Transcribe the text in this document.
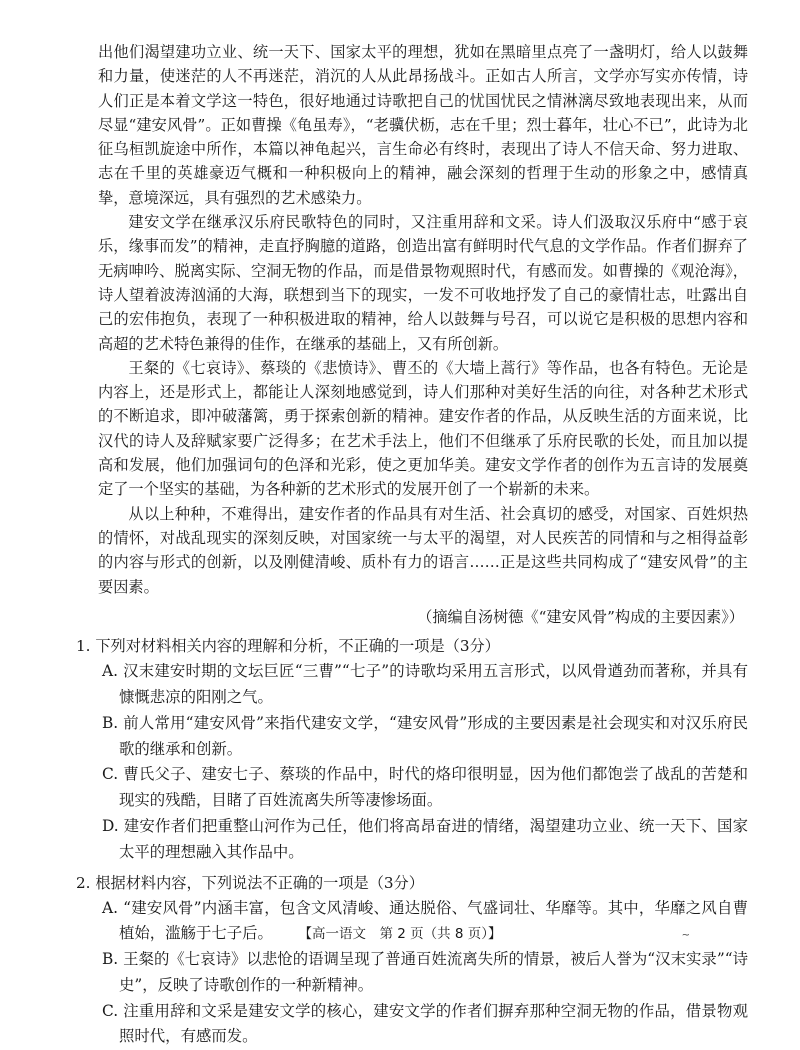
出他们渴望建功立业、统一天下、国家太平的理想，犹如在黑暗里点亮了一盏明灯，给人以鼓舞和力量，使迷茫的人不再迷茫，消沉的人从此昂扬战斗。正如古人所言，文学亦写实亦传情，诗人们正是本着文学这一特色，很好地通过诗歌把自己的忧国忧民之情淋漓尽致地表现出来，从而尽显“建安风骨”。正如曹操《龟虽寿》，“老骥伏枥，志在千里；烈士暮年，壮心不已”，此诗为北征乌桓凯旋途中所作，本篇以神龟起兴，言生命必有终时，表现出了诗人不信天命、努力进取、志在千里的英雄豪迈气概和一种积极向上的精神，融会深刻的哲理于生动的形象之中，感情真挚，意境深远，具有强烈的艺术感染力。

建安文学在继承汉乐府民歌特色的同时，又注重用辞和文采。诗人们汲取汉乐府中“感于哀乐，缘事而发”的精神，走直抒胸臆的道路，创造出富有鲜明时代气息的文学作品。作者们摒弃了无病呻吟、脱离实际、空洞无物的作品，而是借景物观照时代，有感而发。如曹操的《观沧海》，诗人望着波涛汹涌的大海，联想到当下的现实，一发不可收地抒发了自己的豪情壮志，吐露出自己的宏伟抱负，表现了一种积极进取的精神，给人以鼓舞与号召，可以说它是积极的思想内容和高超的艺术特色兼得的佳作，在继承的基础上，又有所创新。

王粲的《七哀诗》、蔡琰的《悲愤诗》、曹丕的《大墙上蒿行》等作品，也各有特色。无论是内容上，还是形式上，都能让人深刻地感觉到，诗人们那种对美好生活的向往，对各种艺术形式的不断追求，即冲破藩篱，勇于探索创新的精神。建安作者的作品，从反映生活的方面来说，比汉代的诗人及辞赋家要广泛得多；在艺术手法上，他们不但继承了乐府民歌的长处，而且加以提高和发展，他们加强词句的色泽和光彩，使之更加华美。建安文学作者的创作为五言诗的发展奠定了一个坚实的基础，为各种新的艺术形式的发展开创了一个崭新的未来。

从以上种种，不难得出，建安作者的作品具有对生活、社会真切的感受，对国家、百姓炽热的情怀，对战乱现实的深刻反映，对国家统一与太平的渴望，对人民疾苦的同情和与之相得益彰的内容与形式的创新，以及刚健清峻、质朴有力的语言……正是这些共同构成了“建安风骨”的主要因素。

（摘编自汤树德《“建安风骨”构成的主要因素》）

1. 下列对材料相关内容的理解和分析，不正确的一项是（3分）

A. 汉末建安时期的文坛巨匠“三曹”“七子”的诗歌均采用五言形式，以风骨遒劲而著称，并具有慷慨悲凉的阳刚之气。

B. 前人常用“建安风骨”来指代建安文学，“建安风骨”形成的主要因素是社会现实和对汉乐府民歌的继承和创新。

C. 曹氏父子、建安七子、蔡琰的作品中，时代的烙印很明显，因为他们都饱尝了战乱的苦楚和现实的残酷，目睹了百姓流离失所等凄惨场面。

D. 建安作者们把重整山河作为己任，他们将高昂奋进的情绪，渴望建功立业、统一天下、国家太平的理想融入其作品中。

2. 根据材料内容，下列说法不正确的一项是（3分）

A. “建安风骨”内涵丰富，包含文风清峻、通达脱俗、气盛词壮、华靡等。其中，华靡之风自曹植始，滥觞于七子后。

B. 王粲的《七哀诗》以悲怆的语调呈现了普通百姓流离失所的情景，被后人誉为“汉末实录”“诗史”，反映了诗歌创作的一种新精神。

C. 注重用辞和文采是建安文学的核心，建安文学的作者们摒弃那种空洞无物的作品，借景物观照时代，有感而发。

【高一语文　第 2 页（共 8 页）】	~
